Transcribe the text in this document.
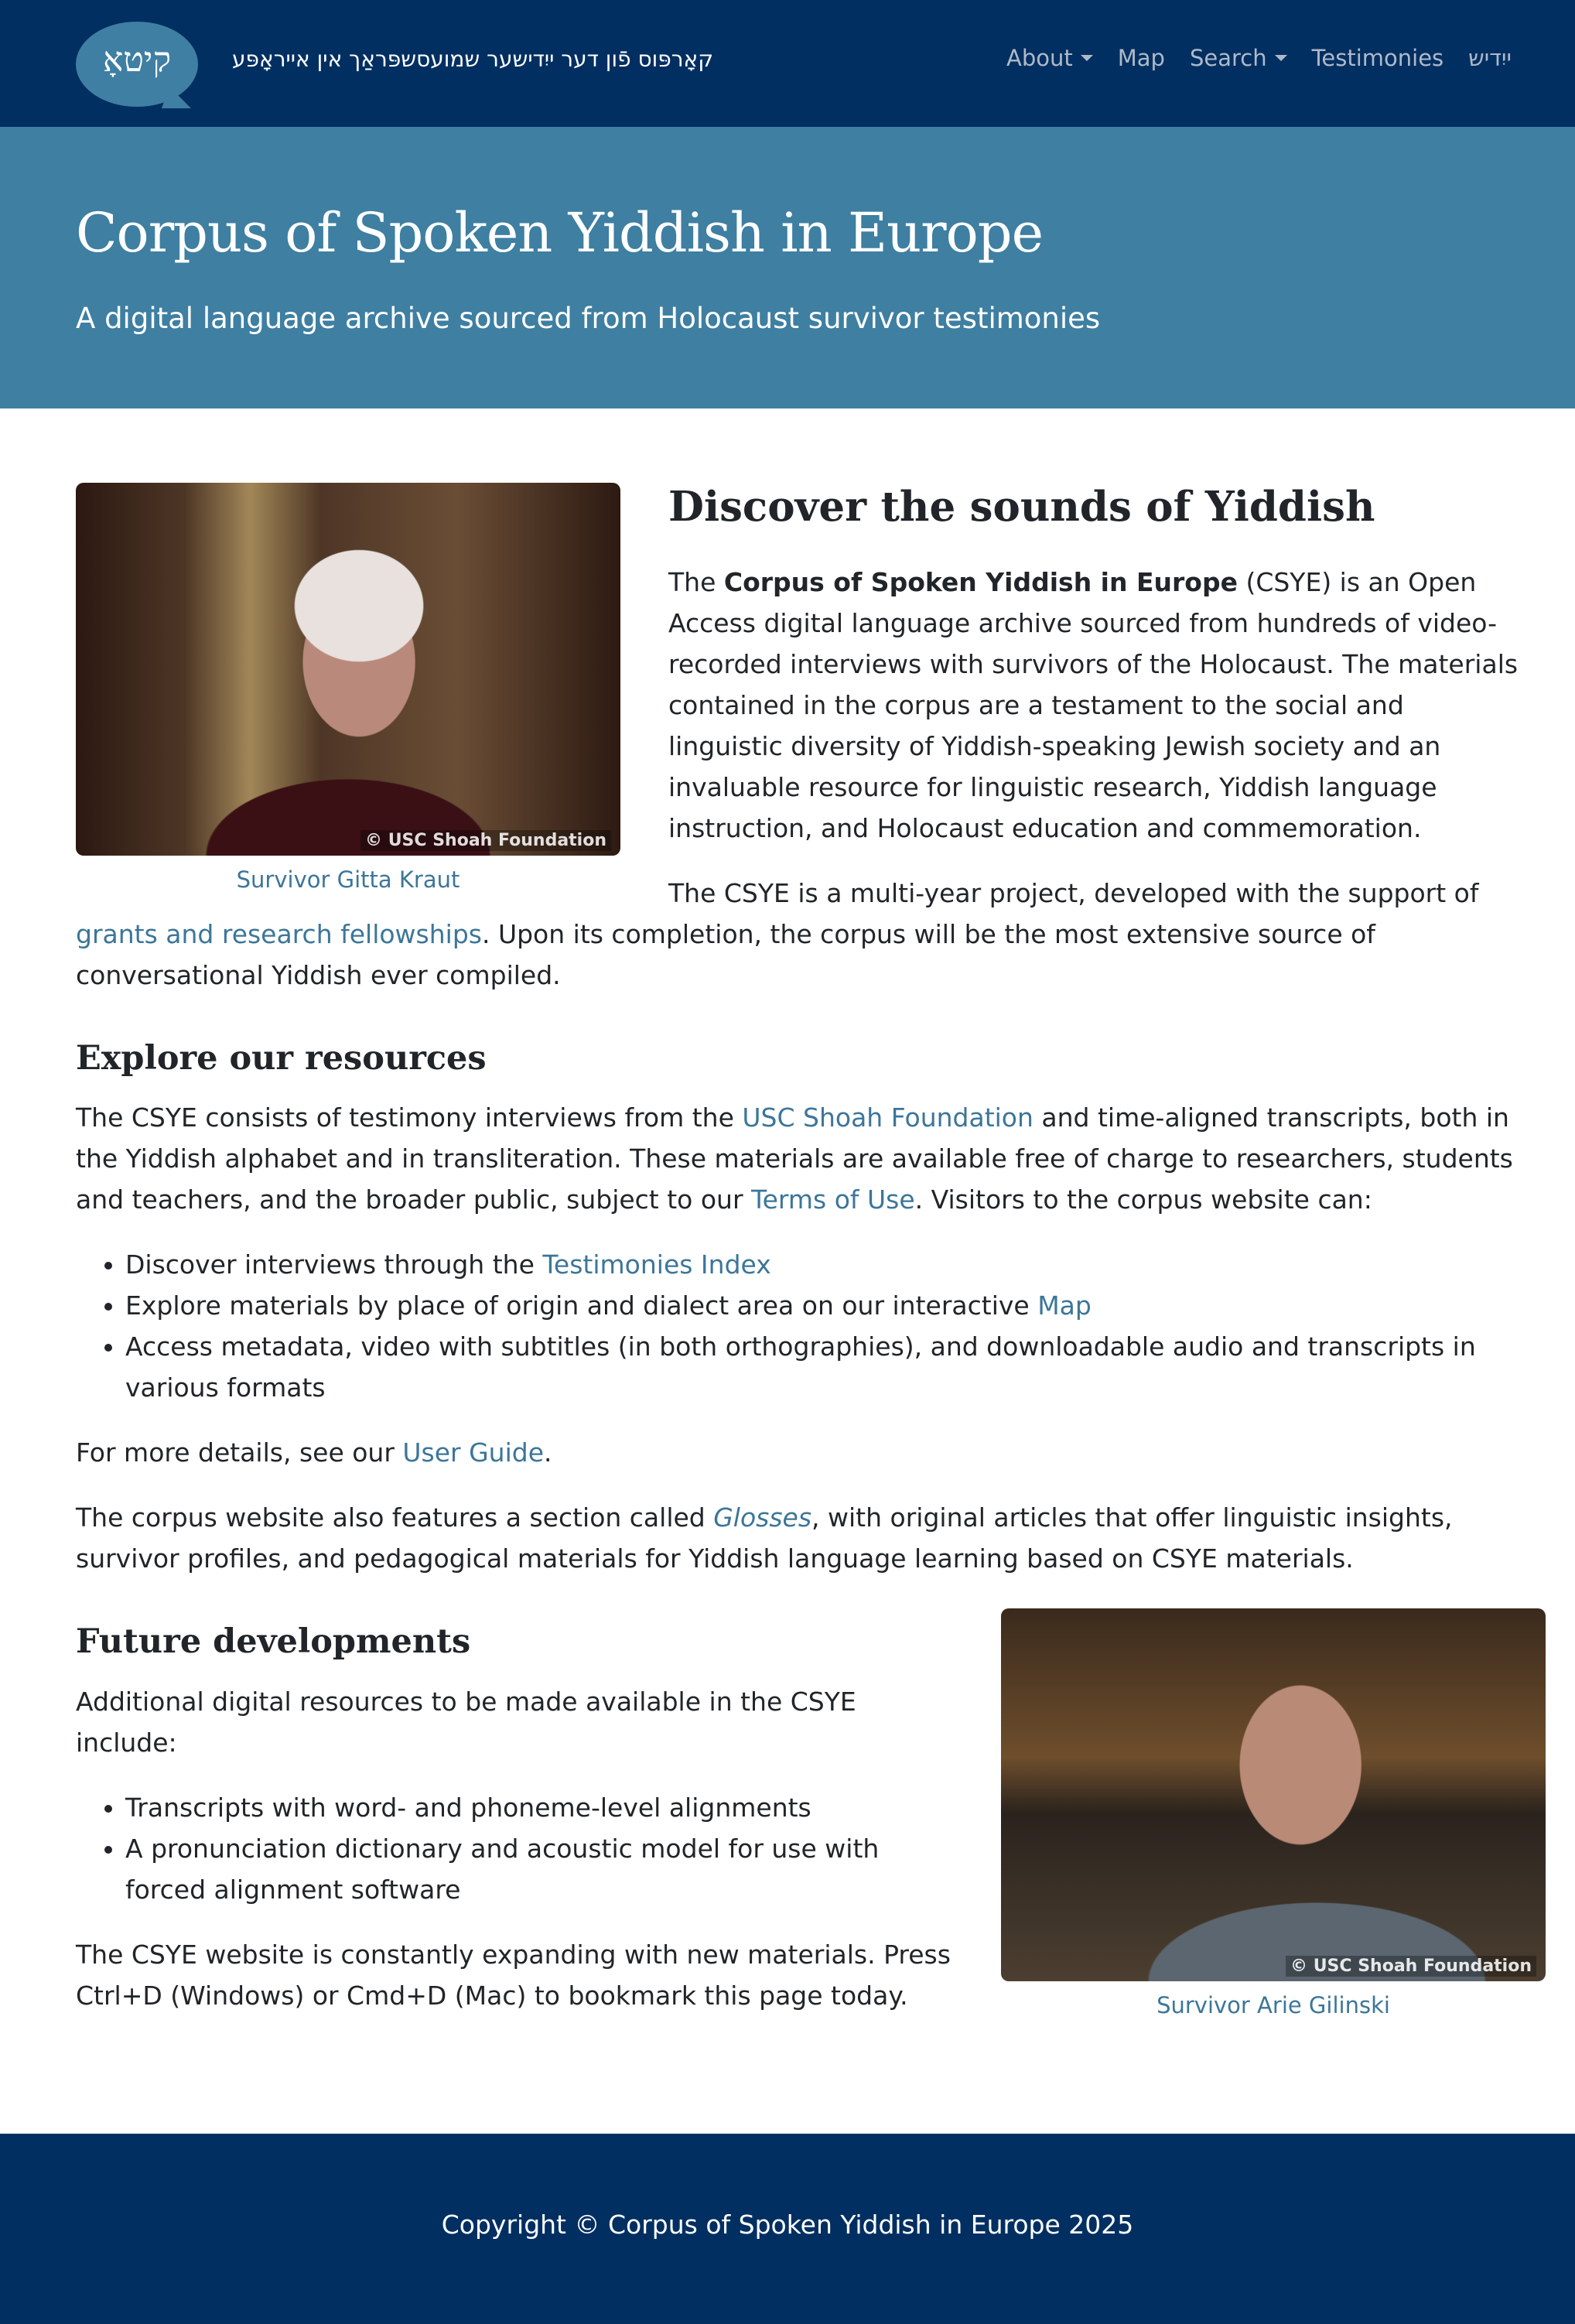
קיטאָ	קאָרפּוס פֿון דער ייִדישער שמועסשפּראַך אין אייראָפּע	About Map Search Testimonies ייִדיש
Corpus of Spoken Yiddish in Europe

A digital language archive sourced from Holocaust survivor testimonies

© USC Shoah Foundation
Survivor Gitta Kraut
Discover the sounds of Yiddish

The Corpus of Spoken Yiddish in Europe (CSYE) is an Open Access digital language archive sourced from hundreds of video-recorded interviews with survivors of the Holocaust. The materials contained in the corpus are a testament to the social and linguistic diversity of Yiddish-speaking Jewish society and an invaluable resource for linguistic research, Yiddish language instruction, and Holocaust education and commemoration.

The CSYE is a multi-year project, developed with the support of grants and research fellowships. Upon its completion, the corpus will be the most extensive source of conversational Yiddish ever compiled.

Explore our resources

The CSYE consists of testimony interviews from the USC Shoah Foundation and time-aligned transcripts, both in the Yiddish alphabet and in transliteration. These materials are available free of charge to researchers, students and teachers, and the broader public, subject to our Terms of Use. Visitors to the corpus website can:

• Discover interviews through the Testimonies Index
• Explore materials by place of origin and dialect area on our interactive Map
• Access metadata, video with subtitles (in both orthographies), and downloadable audio and transcripts in various formats

For more details, see our User Guide.

The corpus website also features a section called Glosses, with original articles that offer linguistic insights, survivor profiles, and pedagogical materials for Yiddish language learning based on CSYE materials.

© USC Shoah Foundation
Survivor Arie Gilinski
Future developments

Additional digital resources to be made available in the CSYE include:

• Transcripts with word- and phoneme-level alignments
• A pronunciation dictionary and acoustic model for use with forced alignment software

The CSYE website is constantly expanding with new materials. Press Ctrl+D (Windows) or Cmd+D (Mac) to bookmark this page today.

Copyright © Corpus of Spoken Yiddish in Europe 2025
